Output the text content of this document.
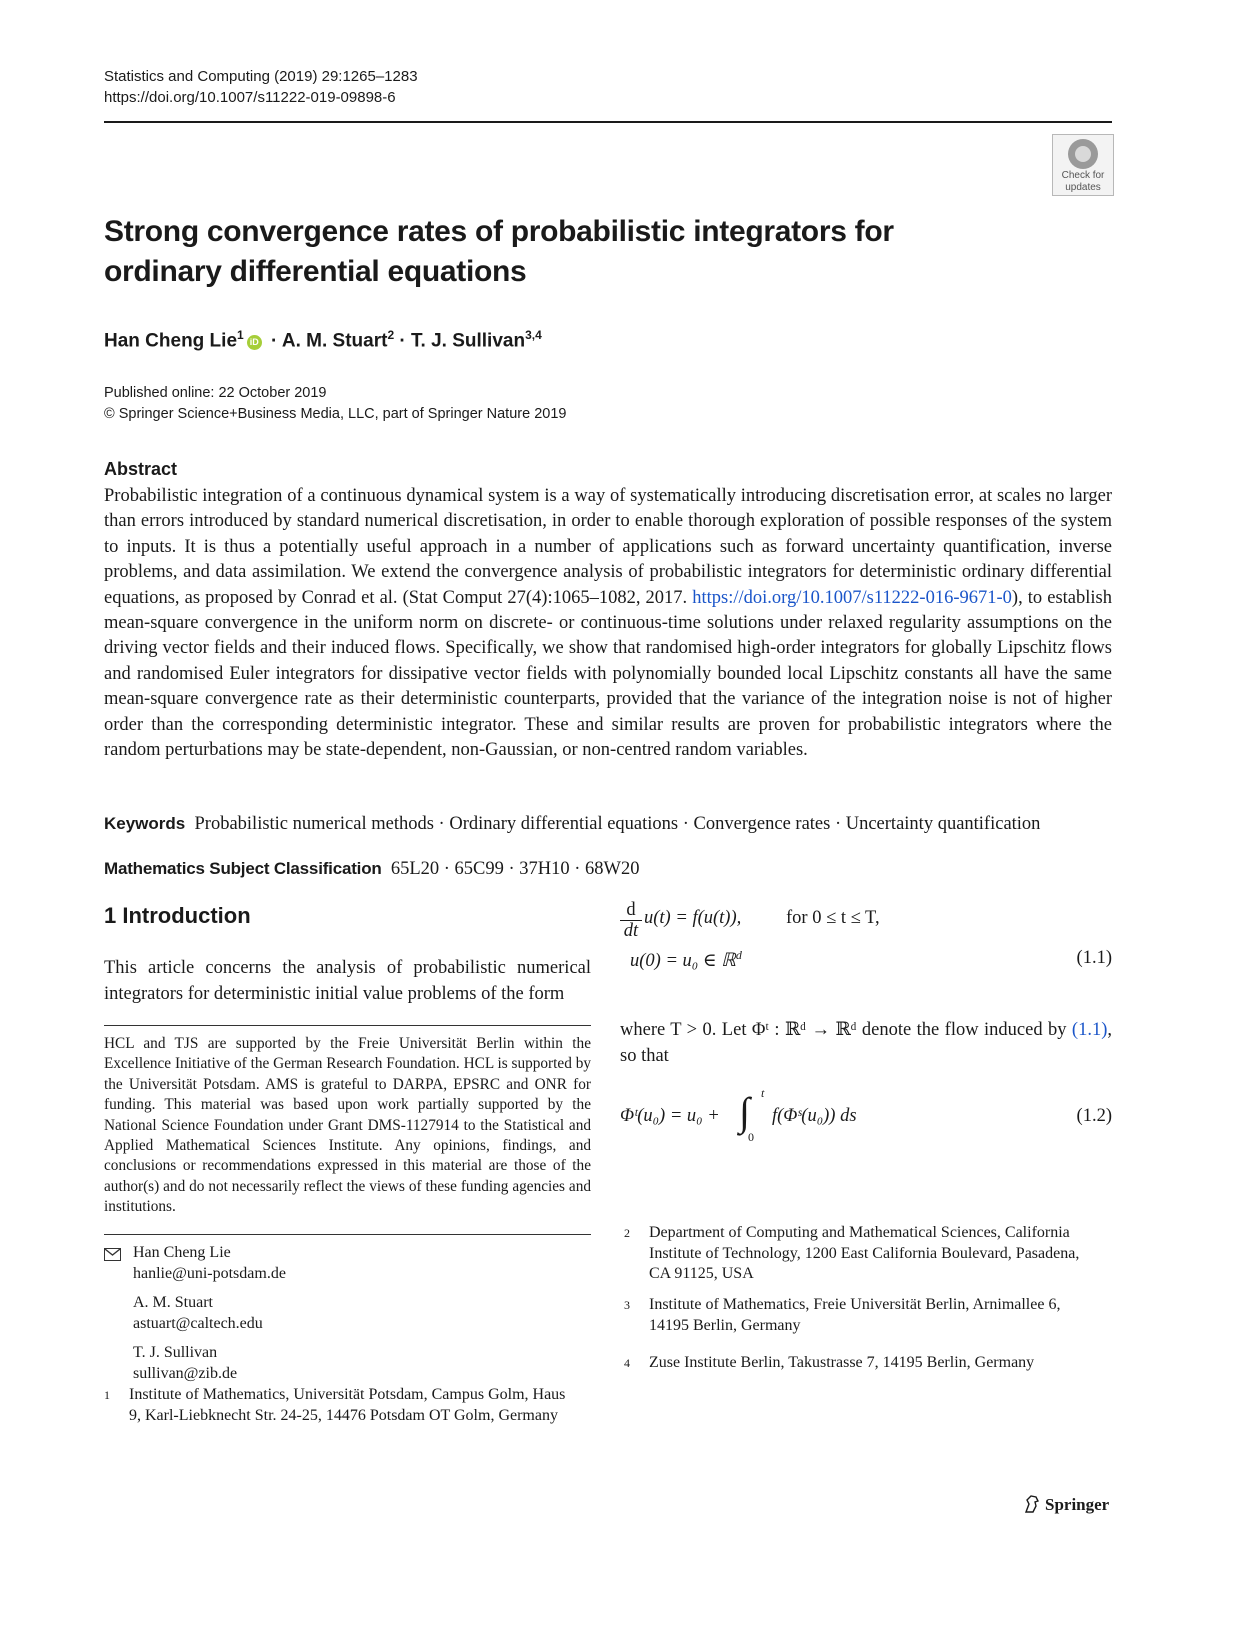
Statistics and Computing (2019) 29:1265–1283
https://doi.org/10.1007/s11222-019-09898-6
Check for
updates
Strong convergence rates of probabilistic integrators for ordinary differential equations
Han Cheng Lie$^1$iD · A. M. Stuart$^2$ · T. J. Sullivan$^{3,4}$
Published online: 22 October 2019
© Springer Science+Business Media, LLC, part of Springer Nature 2019
Abstract
Probabilistic integration of a continuous dynamical system is a way of systematically introducing discretisation error, at scales no larger than errors introduced by standard numerical discretisation, in order to enable thorough exploration of possible responses of the system to inputs. It is thus a potentially useful approach in a number of applications such as forward uncertainty quantification, inverse problems, and data assimilation. We extend the convergence analysis of probabilistic integrators for deterministic ordinary differential equations, as proposed by Conrad et al. (Stat Comput 27(4):1065–1082, 2017. https://doi.org/10.1007/s11222-016-9671-0), to establish mean-square convergence in the uniform norm on discrete- or continuous-time solutions under relaxed regularity assumptions on the driving vector fields and their induced flows. Specifically, we show that randomised high-order integrators for globally Lipschitz flows and randomised Euler integrators for dissipative vector fields with polynomially bounded local Lipschitz constants all have the same mean-square convergence rate as their deterministic counterparts, provided that the variance of the integration noise is not of higher order than the corresponding deterministic integrator. These and similar results are proven for probabilistic integrators where the random perturbations may be state-dependent, non-Gaussian, or non-centred random variables.
Keywords Probabilistic numerical methods · Ordinary differential equations · Convergence rates · Uncertainty quantification
Mathematics Subject Classification 65L20 · 65C99 · 37H10 · 68W20
1 Introduction
This article concerns the analysis of probabilistic numerical integrators for deterministic initial value problems of the form
HCL and TJS are supported by the Freie Universität Berlin within the Excellence Initiative of the German Research Foundation. HCL is supported by the Universität Potsdam. AMS is grateful to DARPA, EPSRC and ONR for funding. This material was based upon work partially supported by the National Science Foundation under Grant DMS-1127914 to the Statistical and Applied Mathematical Sciences Institute. Any opinions, findings, and conclusions or recommendations expressed in this material are those of the author(s) and do not necessarily reflect the views of these funding agencies and institutions.
Han Cheng Lie
hanlie@uni-potsdam.de
A. M. Stuart
astuart@caltech.edu
T. J. Sullivan
sullivan@zib.de
1 Institute of Mathematics, Universität Potsdam, Campus Golm, Haus 9, Karl-Liebknecht Str. 24-25, 14476 Potsdam OT Golm, Germany
2 Department of Computing and Mathematical Sciences, California Institute of Technology, 1200 East California Boulevard, Pasadena, CA 91125, USA
3 Institute of Mathematics, Freie Universität Berlin, Arnimallee 6, 14195 Berlin, Germany
4 Zuse Institute Berlin, Takustrasse 7, 14195 Berlin, Germany
$\frac{d}{dt} u(t) = f(u(t))$, for 0 ≤ t ≤ T,
u(0) = u₀ ∈ ℝ$^d$	(1.1)
where T > 0. Let Φᵗ : ℝᵈ → ℝᵈ denote the flow induced by (1.1), so that
Φᵗ(u₀) = u₀ + ∫ t
0
f(Φˢ(u₀)) ds	(1.2)
Springer
